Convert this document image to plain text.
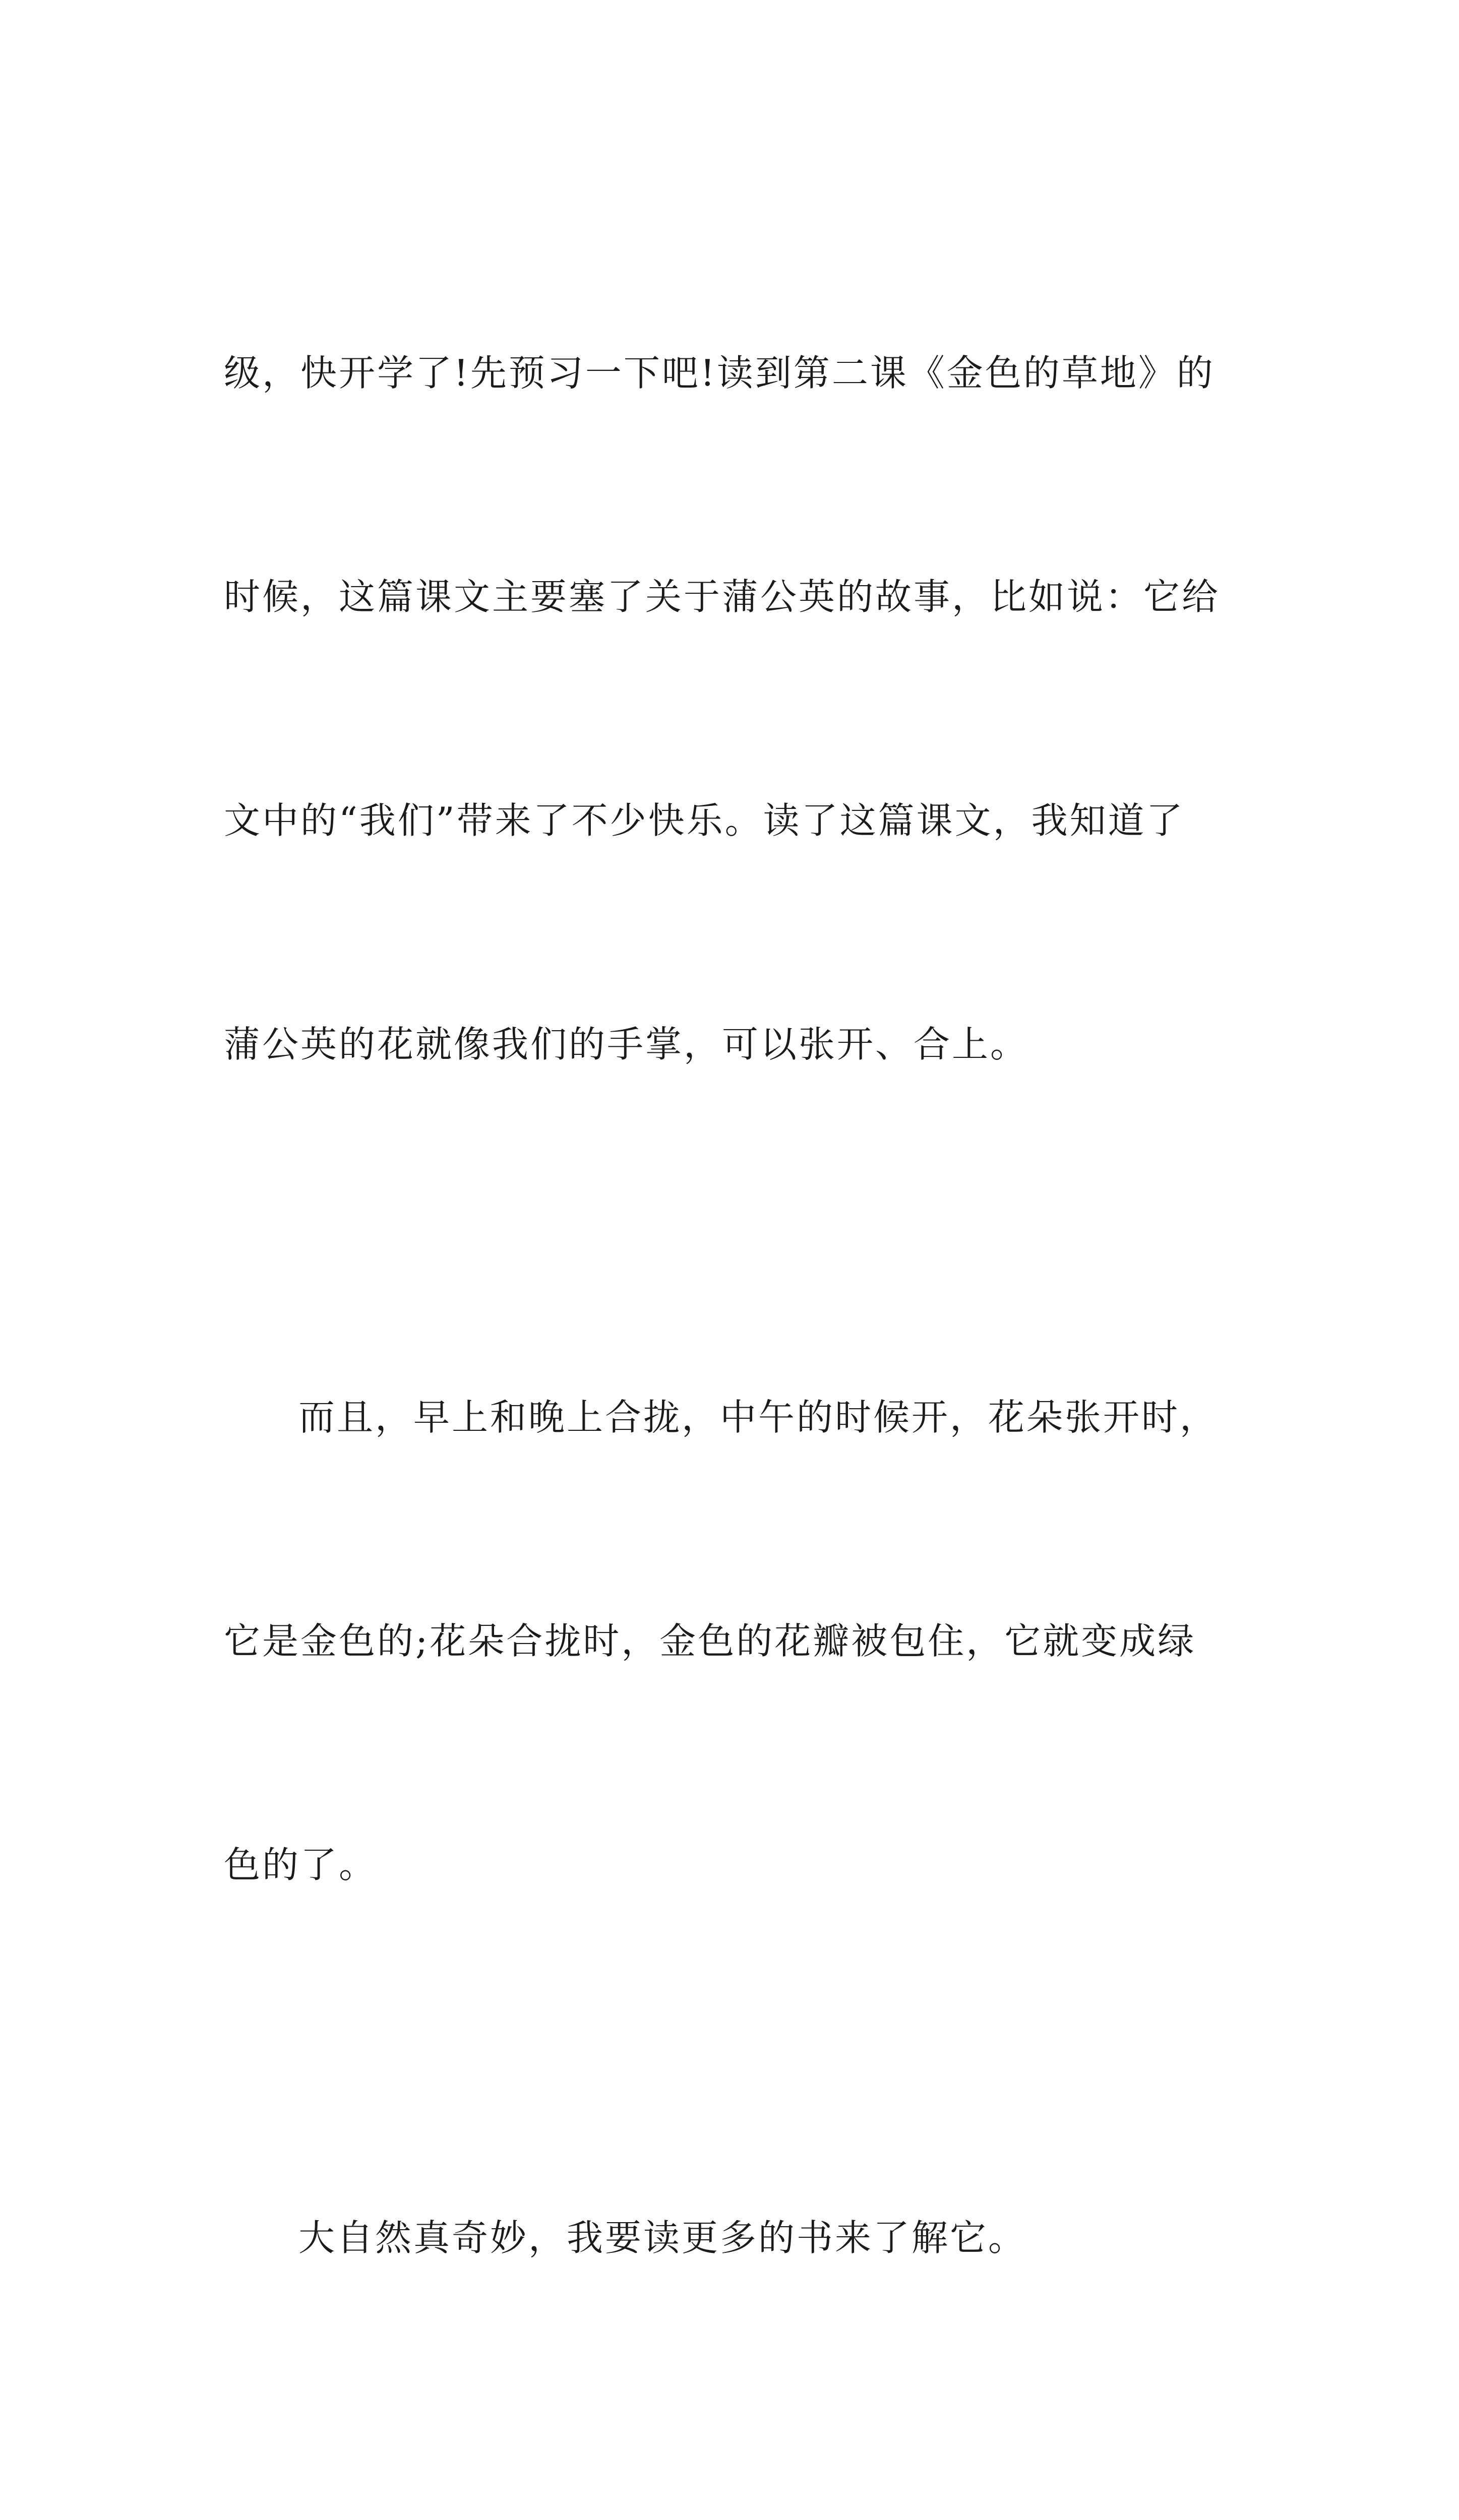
级，快开学了!先预习一下吧!读到第二课《金色的草地》的

时候，这篇课文主要塞了关于蒲公英的故事，比如说：它给

文中的“我们”带来了不少快乐。读了这篇课文，我知道了

蒲公英的花就像我们的手掌，可以张开、合上。

而且，早上和晚上合拢，中午的时候开，花朵张开时，

它是金色的;花朵合拢时，金色的花瓣被包住，它就变成绿

色的了。

大自然真奇妙，我要读更多的书来了解它。
